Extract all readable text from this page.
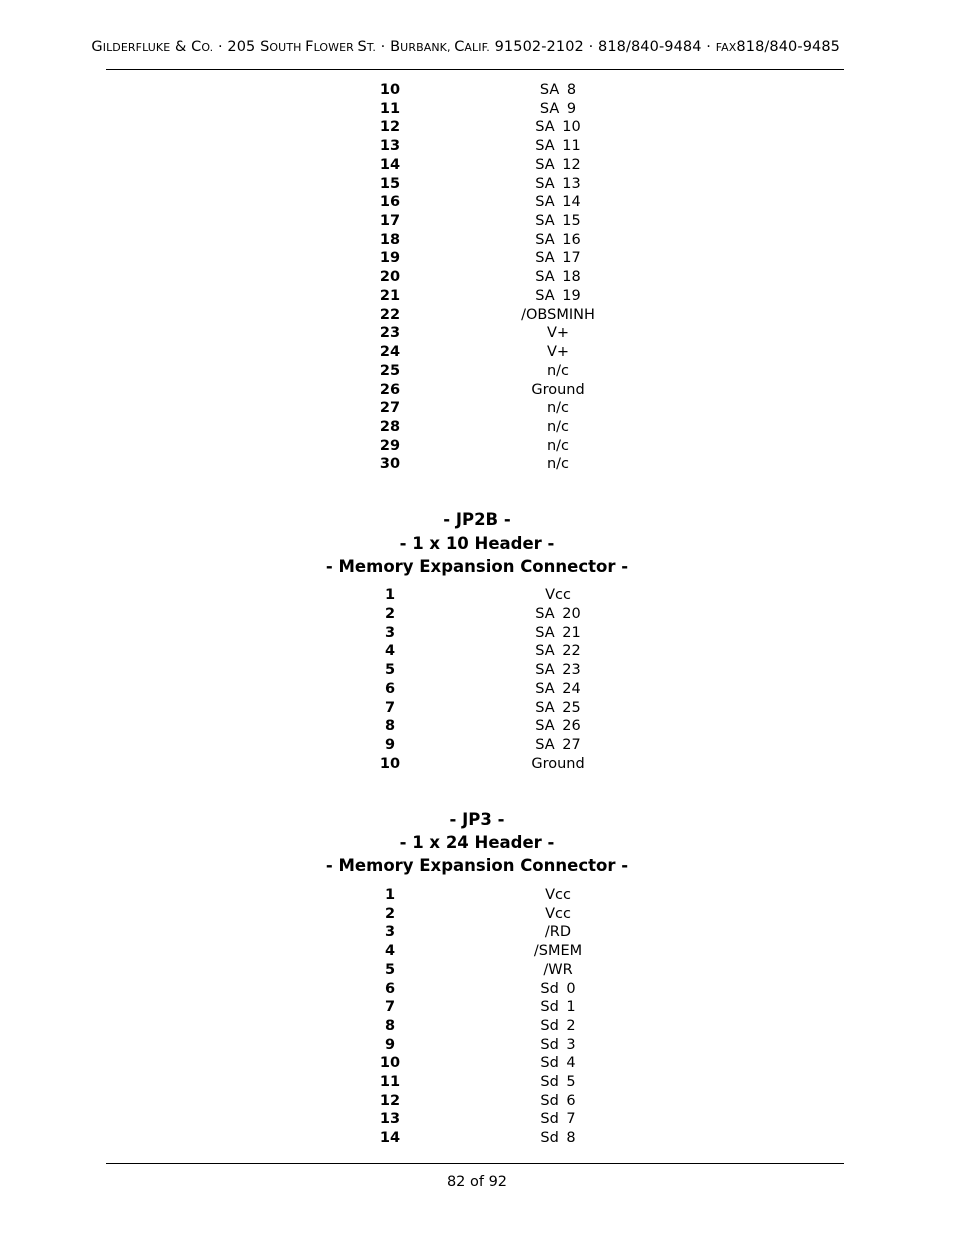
GILDERFLUKE & CO. · 205 SOUTH FLOWER ST. · BURBANK, CALIF. 91502-2102 · 818/840-9484 · FAX818/840-9485
10	SA 8
11	SA 9
12	SA 10
13	SA 11
14	SA 12
15	SA 13
16	SA 14
17	SA 15
18	SA 16
19	SA 17
20	SA 18
21	SA 19
22	/OBSMINH
23	V+
24	V+
25	n/c
26	Ground
27	n/c
28	n/c
29	n/c
30	n/c
- JP2B -
- 1 x 10 Header -
- Memory Expansion Connector -
1	Vcc
2	SA 20
3	SA 21
4	SA 22
5	SA 23
6	SA 24
7	SA 25
8	SA 26
9	SA 27
10	Ground
- JP3 -
- 1 x 24 Header -
- Memory Expansion Connector -
1	Vcc
2	Vcc
3	/RD
4	/SMEM
5	/WR
6	Sd 0
7	Sd 1
8	Sd 2
9	Sd 3
10	Sd 4
11	Sd 5
12	Sd 6
13	Sd 7
14	Sd 8
82 of 92
